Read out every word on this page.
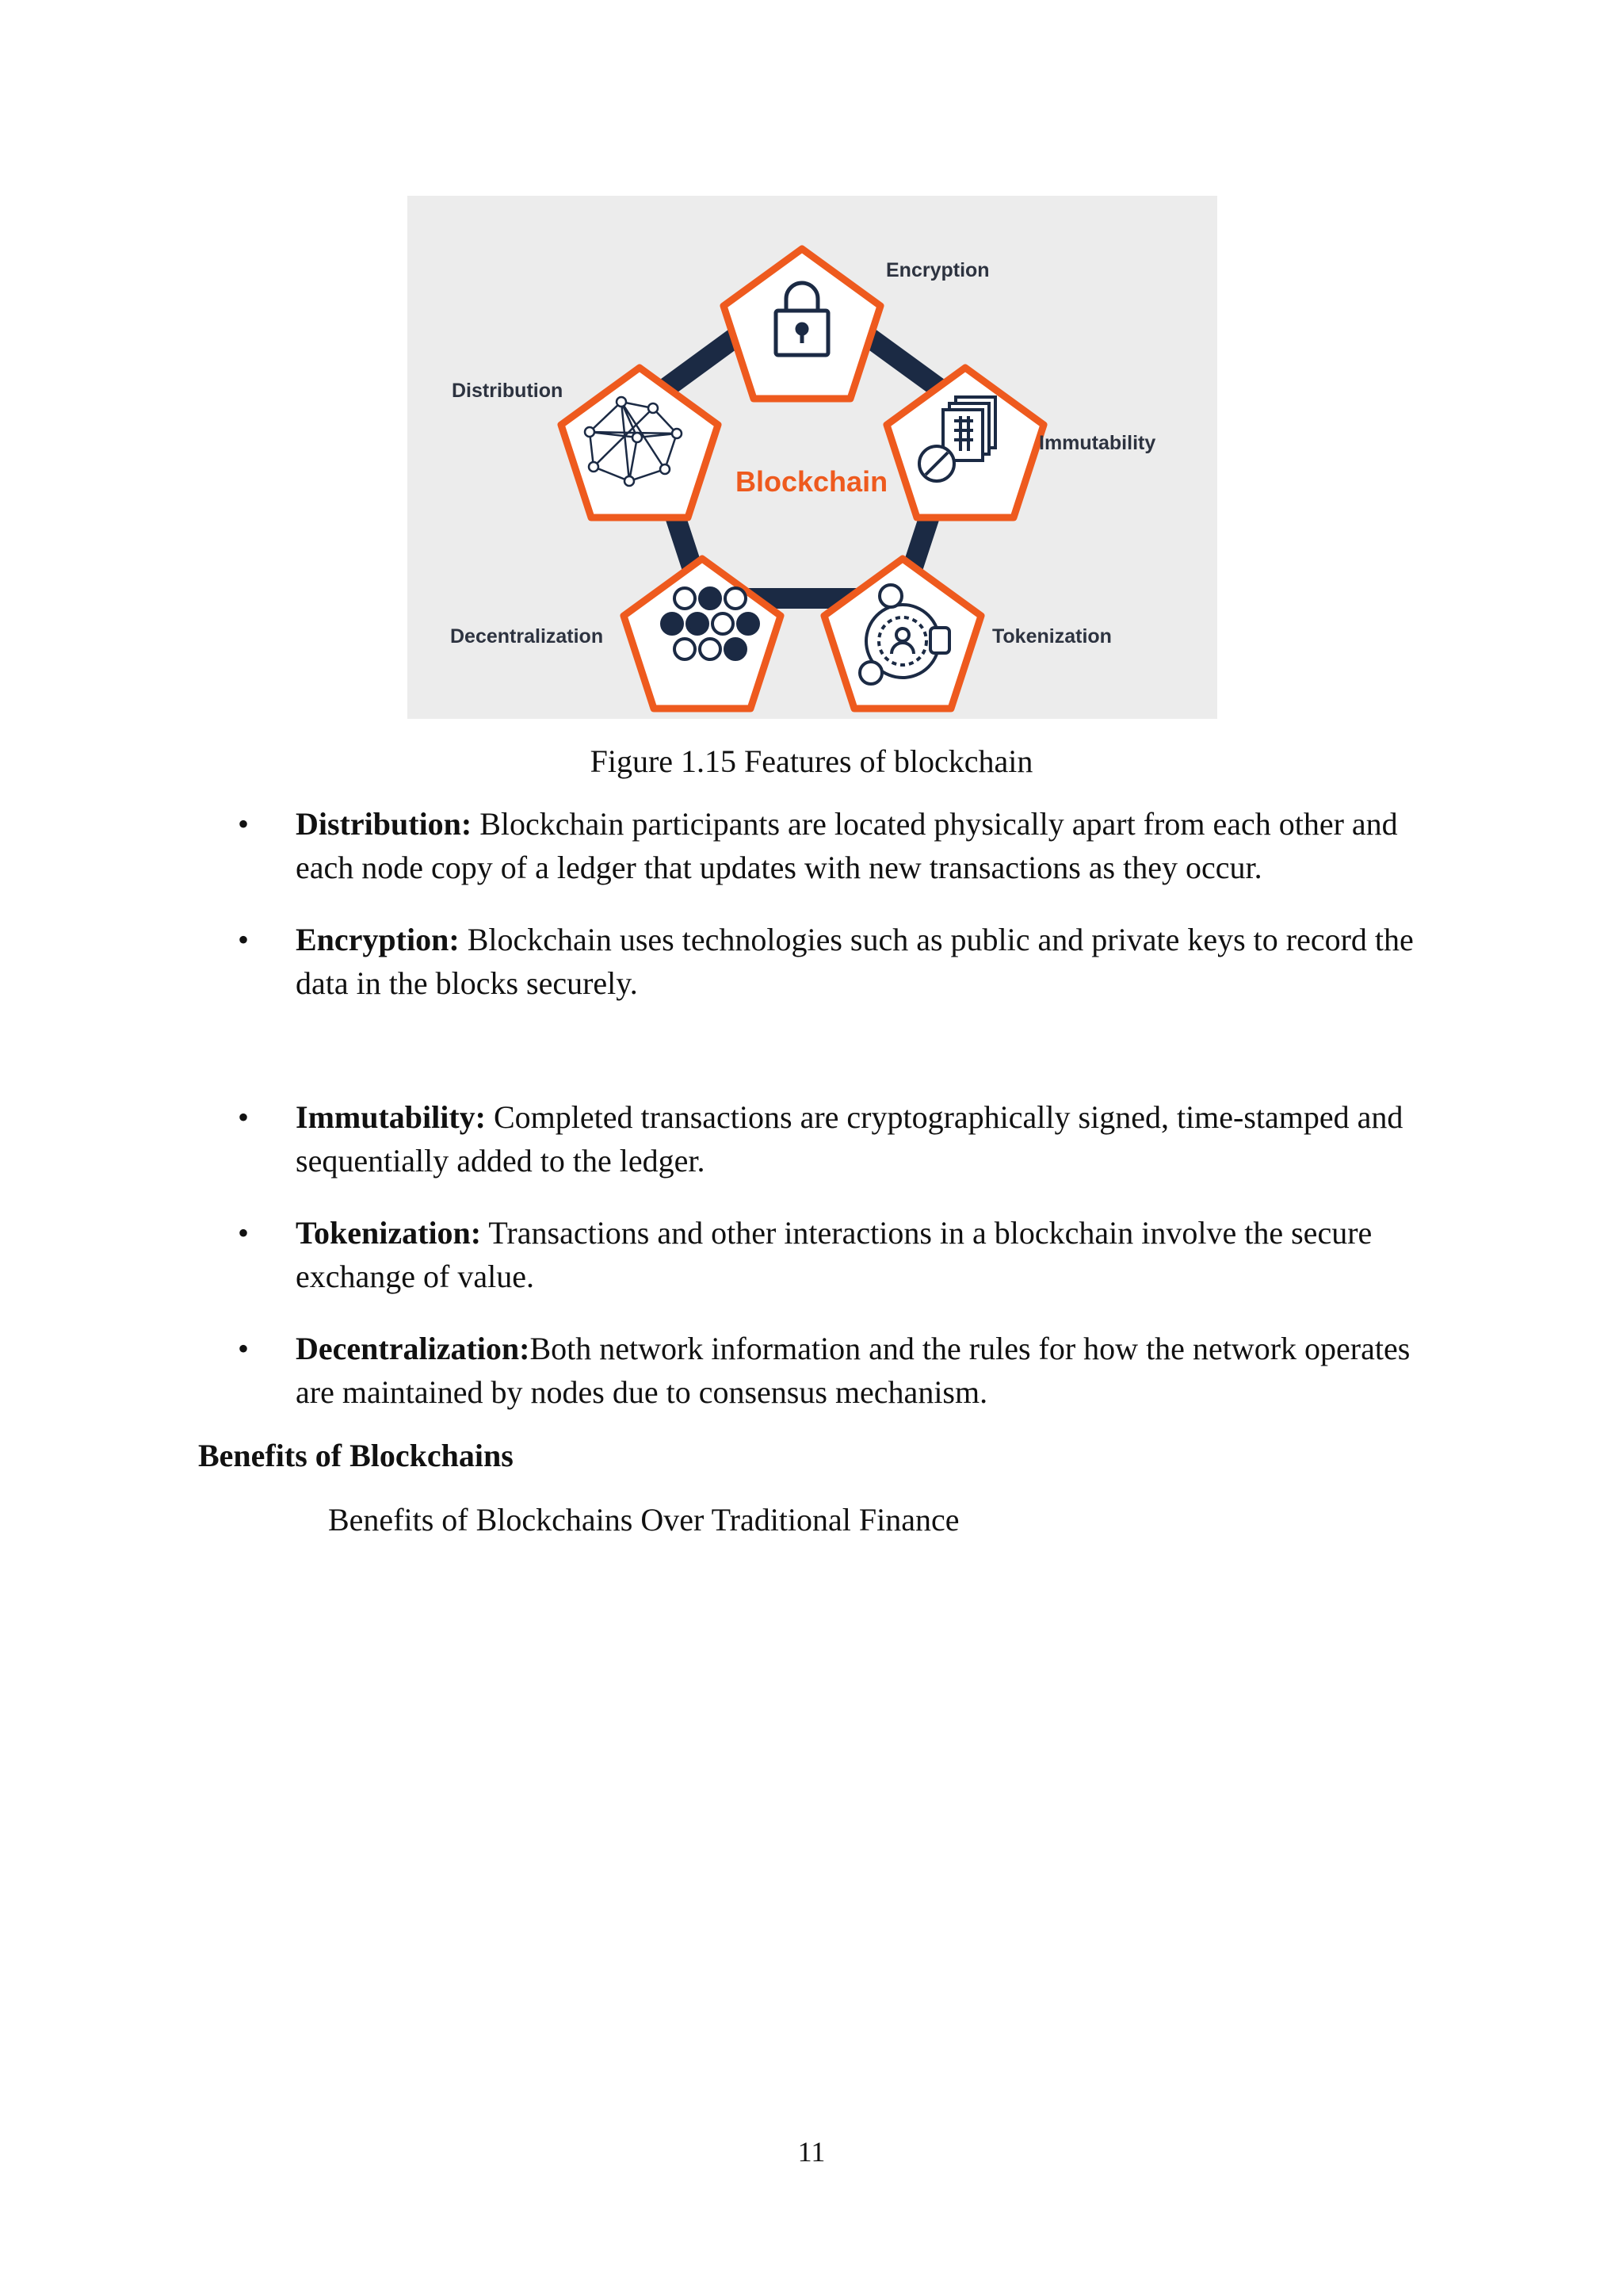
Blockchain
Encryption
Immutability
Tokenization
Decentralization
Distribution
Figure 1.15 Features of blockchain
• Distribution: Blockchain participants are located physically apart from each other and each node copy of a ledger that updates with new transactions as they occur.
• Encryption: Blockchain uses technologies such as public and private keys to record the data in the blocks securely.
• Immutability: Completed transactions are cryptographically signed, time-stamped and sequentially added to the ledger.
• Tokenization: Transactions and other interactions in a blockchain involve the secure exchange of value.
• Decentralization:Both network information and the rules for how the network operates are maintained by nodes due to consensus mechanism.
Benefits of Blockchains
Benefits of Blockchains Over Traditional Finance
11
